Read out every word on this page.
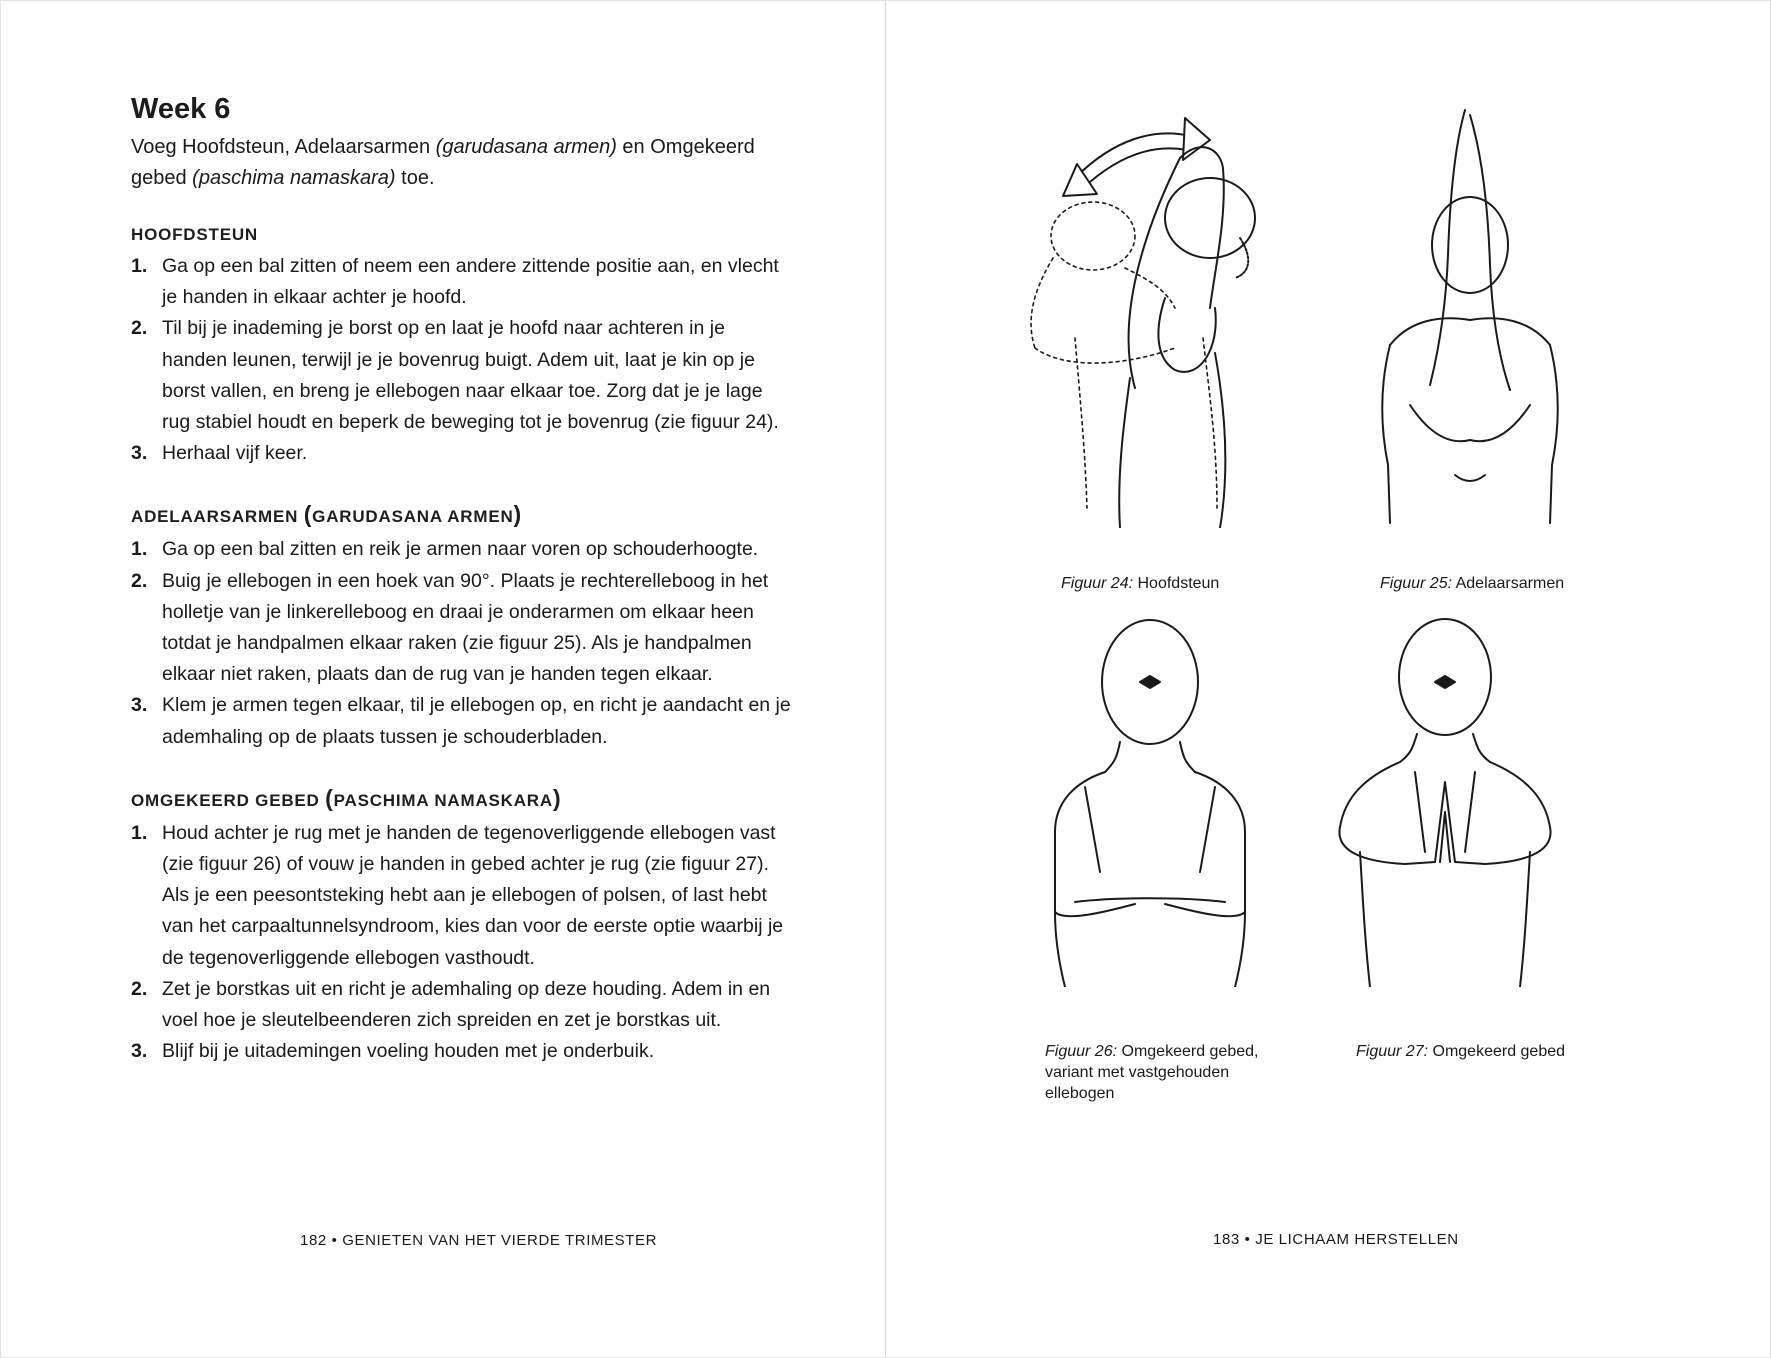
Week 6

Voeg Hoofdsteun, Adelaarsarmen (garudasana armen) en Omgekeerd gebed (paschima namaskara) toe.

HOOFDSTEUN
1. Ga op een bal zitten of neem een andere zittende positie aan, en vlecht je handen in elkaar achter je hoofd.
2. Til bij je inademing je borst op en laat je hoofd naar achteren in je handen leunen, terwijl je je bovenrug buigt. Adem uit, laat je kin op je borst vallen, en breng je ellebogen naar elkaar toe. Zorg dat je je lage rug stabiel houdt en beperk de beweging tot je bovenrug (zie figuur 24).
3. Herhaal vijf keer.
ADELAARSARMEN (GARUDASANA ARMEN)
1. Ga op een bal zitten en reik je armen naar voren op schouderhoogte.
2. Buig je ellebogen in een hoek van 90°. Plaats je rechterelleboog in het holletje van je linkerelleboog en draai je onderarmen om elkaar heen totdat je handpalmen elkaar raken (zie figuur 25). Als je handpalmen elkaar niet raken, plaats dan de rug van je handen tegen elkaar.
3. Klem je armen tegen elkaar, til je ellebogen op, en richt je aandacht en je ademhaling op de plaats tussen je schouderbladen.
OMGEKEERD GEBED (PASCHIMA NAMASKARA)
1. Houd achter je rug met je handen de tegenoverliggende ellebogen vast (zie figuur 26) of vouw je handen in gebed achter je rug (zie figuur 27). Als je een peesontsteking hebt aan je ellebogen of polsen, of last hebt van het carpaaltunnelsyndroom, kies dan voor de eerste optie waarbij je de tegenoverliggende ellebogen vasthoudt.
2. Zet je borstkas uit en richt je ademhaling op deze houding. Adem in en voel hoe je sleutelbeenderen zich spreiden en zet je borstkas uit.
3. Blijf bij je uitademingen voeling houden met je onderbuik.
182 • GENIETEN VAN HET VIERDE TRIMESTER
Figuur 24: Hoofdsteun	Figuur 25: Adelaarsarmen
Figuur 26: Omgekeerd gebed,
variant met vastgehouden
ellebogen
Figuur 27: Omgekeerd gebed
183 • JE LICHAAM HERSTELLEN
